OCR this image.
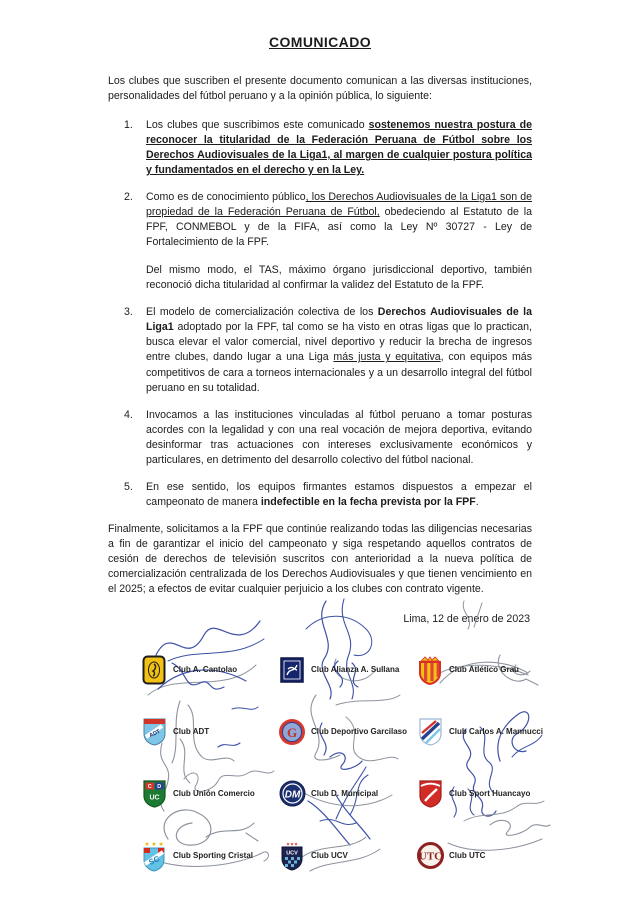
COMUNICADO

Los clubes que suscriben el presente documento comunican a las diversas instituciones, personalidades del fútbol peruano y a la opinión pública, lo siguiente:

1.	Los clubes que suscribimos este comunicado sostenemos nuestra postura de reconocer la titularidad de la Federación Peruana de Fútbol sobre los Derechos Audiovisuales de la Liga1, al margen de cualquier postura política y fundamentados en el derecho y en la Ley.

2.	Como es de conocimiento público, los Derechos Audiovisuales de la Liga1 son de propiedad de la Federación Peruana de Fútbol, obedeciendo al Estatuto de la FPF, CONMEBOL y de la FIFA, así como la Ley Nº 30727 - Ley de Fortalecimiento de la FPF.

Del mismo modo, el TAS, máximo órgano jurisdiccional deportivo, también reconoció dicha titularidad al confirmar la validez del Estatuto de la FPF.

3.	El modelo de comercialización colectiva de los Derechos Audiovisuales de la Liga1 adoptado por la FPF, tal como se ha visto en otras ligas que lo practican, busca elevar el valor comercial, nivel deportivo y reducir la brecha de ingresos entre clubes, dando lugar a una Liga más justa y equitativa, con equipos más competitivos de cara a torneos internacionales y a un desarrollo integral del fútbol peruano en su totalidad.

4.	Invocamos a las instituciones vinculadas al fútbol peruano a tomar posturas acordes con la legalidad y con una real vocación de mejora deportiva, evitando desinformar tras actuaciones con intereses exclusivamente económicos y particulares, en detrimento del desarrollo colectivo del fútbol nacional.

5.	En ese sentido, los equipos firmantes estamos dispuestos a empezar el campeonato de manera indefectible en la fecha prevista por la FPF.

Finalmente, solicitamos a la FPF que continúe realizando todas las diligencias necesarias a fin de garantizar el inicio del campeonato y siga respetando aquellos contratos de cesión de derechos de televisión suscritos con anterioridad a la nueva política de comercialización centralizada de los Derechos Audiovisuales y que tienen vencimiento en el 2025; a efectos de evitar cualquier perjuicio a los clubes con contrato vigente.

Lima, 12 de enero de 2023
Club A. Cantolao	Club Alianza A. Sullana	Club Atlético Grau
ADT Club ADT	G Club Deportivo Garcilaso	Club Carlos A. Mannucci
C D
UC Club Unión Comercio	DM Club D. Municipal	Club Sport Huancayo
★ ★ ★
SC Club Sporting Cristal
★★★
UCV Club UCV	UTC Club UTC
